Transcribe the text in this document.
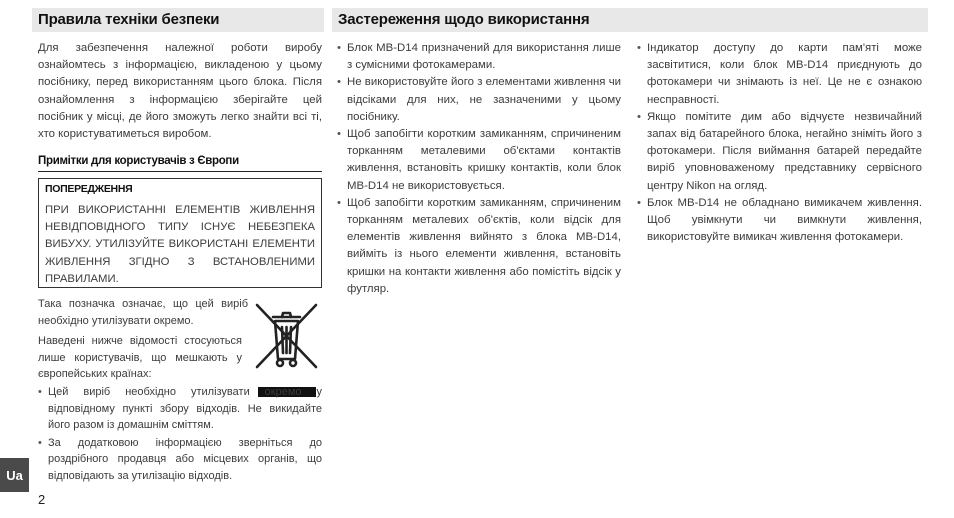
Правила техніки безпеки	Застереження щодо використання

Для забезпечення належної роботи виробу ознайомтесь з інформацією, викладеною у цьому посібнику, перед використанням цього блока. Після ознайомлення з інформацією зберігайте цей посібник у місці, де його зможуть легко знайти всі ті, хто користуватиметься виробом.

Примітки для користувачів з Європи

ПОПЕРЕДЖЕННЯ

ПРИ ВИКОРИСТАННІ ЕЛЕМЕНТІВ ЖИВЛЕННЯ НЕВІДПОВІДНОГО ТИПУ ІСНУЄ НЕБЕЗПЕКА ВИБУХУ. УТИЛІЗУЙТЕ ВИКОРИСТАНІ ЕЛЕМЕНТИ ЖИВЛЕННЯ ЗГІДНО З ВСТАНОВЛЕНИМИ ПРАВИЛАМИ.

Така позначка означає, що цей виріб необхідно утилізувати окремо.

Наведені нижче відомості стосуються лише користувачів, що мешкають у європейських країнах:

• Цей виріб необхідно утилізувати окремо у відповідному пункті збору відходів. Не викидайте його разом із домашнім сміттям.
• За додатковою інформацією зверніться до роздрібного продавця або місцевих органів, що відповідають за утилізацію відходів.
• Блок MB-D14 призначений для використання лише з сумісними фотокамерами.
• Не використовуйте його з елементами живлення чи відсіками для них, не зазначеними у цьому посібнику.
• Щоб запобігти коротким замиканням, спричиненим торканням металевими об'єктами контактів живлення, встановіть кришку контактів, коли блок MB-D14 не використовується.
• Щоб запобігти коротким замиканням, спричиненим торканням металевих об'єктів, коли відсік для елементів живлення вийнято з блока MB-D14, вийміть із нього елементи живлення, встановіть кришки на контакти живлення або помістіть відсік у футляр.
• Індикатор доступу до карти пам'яті може засвітитися, коли блок MB-D14 приєднують до фотокамери чи знімають із неї. Це не є ознакою несправності.
• Якщо помітите дим або відчуєте незвичайний запах від батарейного блока, негайно зніміть його з фотокамери. Після виймання батарей передайте виріб уповноваженому представнику сервісного центру Nikon на огляд.
• Блок MB-D14 не обладнано вимикачем живлення. Щоб увімкнути чи вимкнути живлення, використовуйте вимикач живлення фотокамери.
Ua
2
